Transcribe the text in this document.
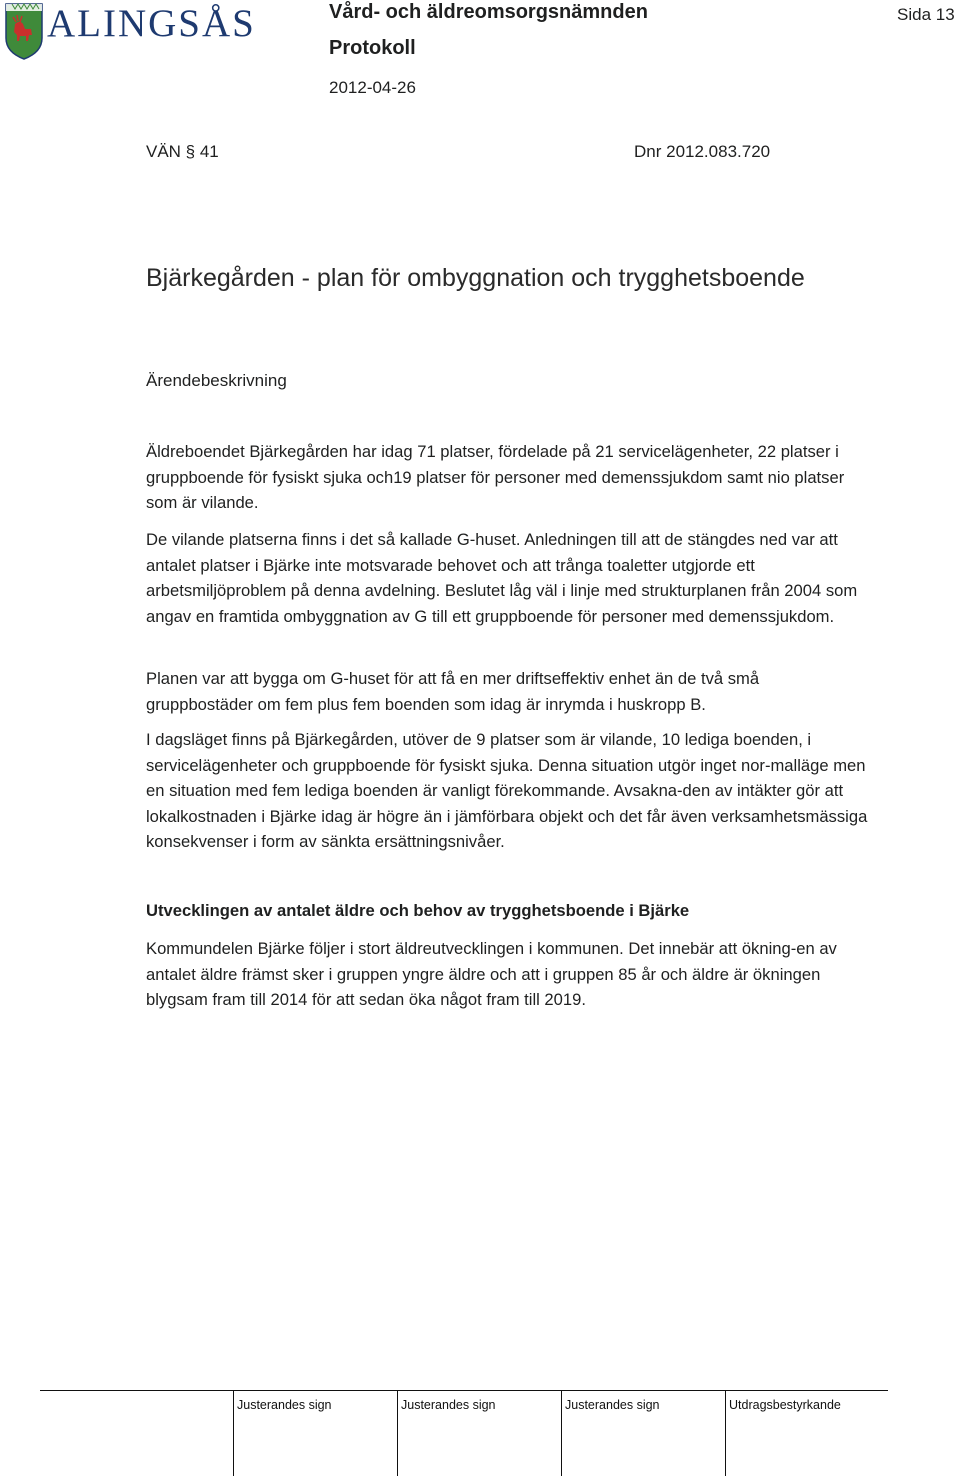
ALINGSÅS	Vård- och äldreomsorgsnämnden
Protokoll
2012-04-26
Sida 13
VÄN § 41	Dnr 2012.083.720
Bjärkegården - plan för ombyggnation och trygghetsboende
Ärendebeskrivning
Äldreboendet Bjärkegården har idag 71 platser, fördelade på 21 servicelägenheter, 22 platser i gruppboende för fysiskt sjuka och19 platser för personer med demenssjukdom samt nio platser som är vilande.
De vilande platserna finns i det så kallade G-huset. Anledningen till att de stängdes ned var att antalet platser i Bjärke inte motsvarade behovet och att trånga toaletter utgjorde ett arbetsmiljöproblem på denna avdelning. Beslutet låg väl i linje med strukturplanen från 2004 som angav en framtida ombyggnation av G till ett gruppboende för personer med demenssjukdom.
Planen var att bygga om G-huset för att få en mer driftseffektiv enhet än de två små gruppbostäder om fem plus fem boenden som idag är inrymda i huskropp B.
I dagsläget finns på Bjärkegården, utöver de 9 platser som är vilande, 10 lediga boenden, i servicelägenheter och gruppboende för fysiskt sjuka. Denna situation utgör inget nor-malläge men en situation med fem lediga boenden är vanligt förekommande. Avsakna-den av intäkter gör att lokalkostnaden i Bjärke idag är högre än i jämförbara objekt och det får även verksamhetsmässiga konsekvenser i form av sänkta ersättningsnivåer.
Utvecklingen av antalet äldre och behov av trygghetsboende i Bjärke
Kommundelen Bjärke följer i stort äldreutvecklingen i kommunen. Det innebär att ökning-en av antalet äldre främst sker i gruppen yngre äldre och att i gruppen 85 år och äldre är ökningen blygsam fram till 2014 för att sedan öka något fram till 2019.
Justerandes sign	Justerandes sign	Justerandes sign	Utdragsbestyrkande
